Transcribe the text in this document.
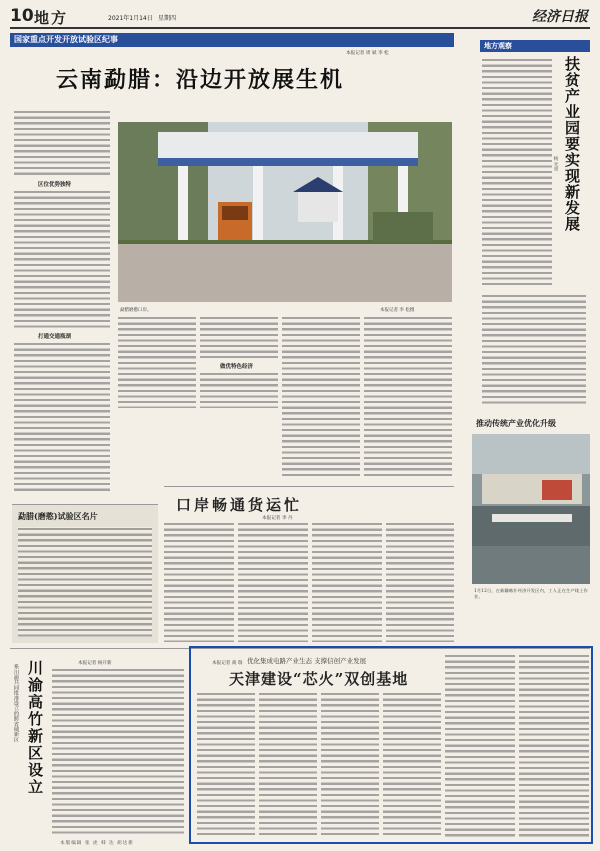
10 地方	2021年1月14日 星期四	经济日报
国家重点开发开放试验区纪事
本报记者 周 斌 李 松
云南勐腊：沿边开放展生机
区位优势独特
打通交通瓶颈
勐腊磨憨口岸。	本报记者 李 松摄
做优特色经济
勐腊(磨憨)试验区名片
口岸畅通货运忙
本报记者 李 丹
地方观察
扶贫产业园要实现新发展
杨 光亮
推动传统产业优化升级
1月12日，在新疆喀什经济开发区内，工人正在生产线上作业。
川渝高竹新区设立
系川渝共同批准设立的跨省域新区
本报记者 杨开新	优化集成电路产业生态 支撑信创产业发展
天津建设“芯火”双创基地
本报记者 商 瑞
本版编辑 张 虎 韩 达 胡达新
